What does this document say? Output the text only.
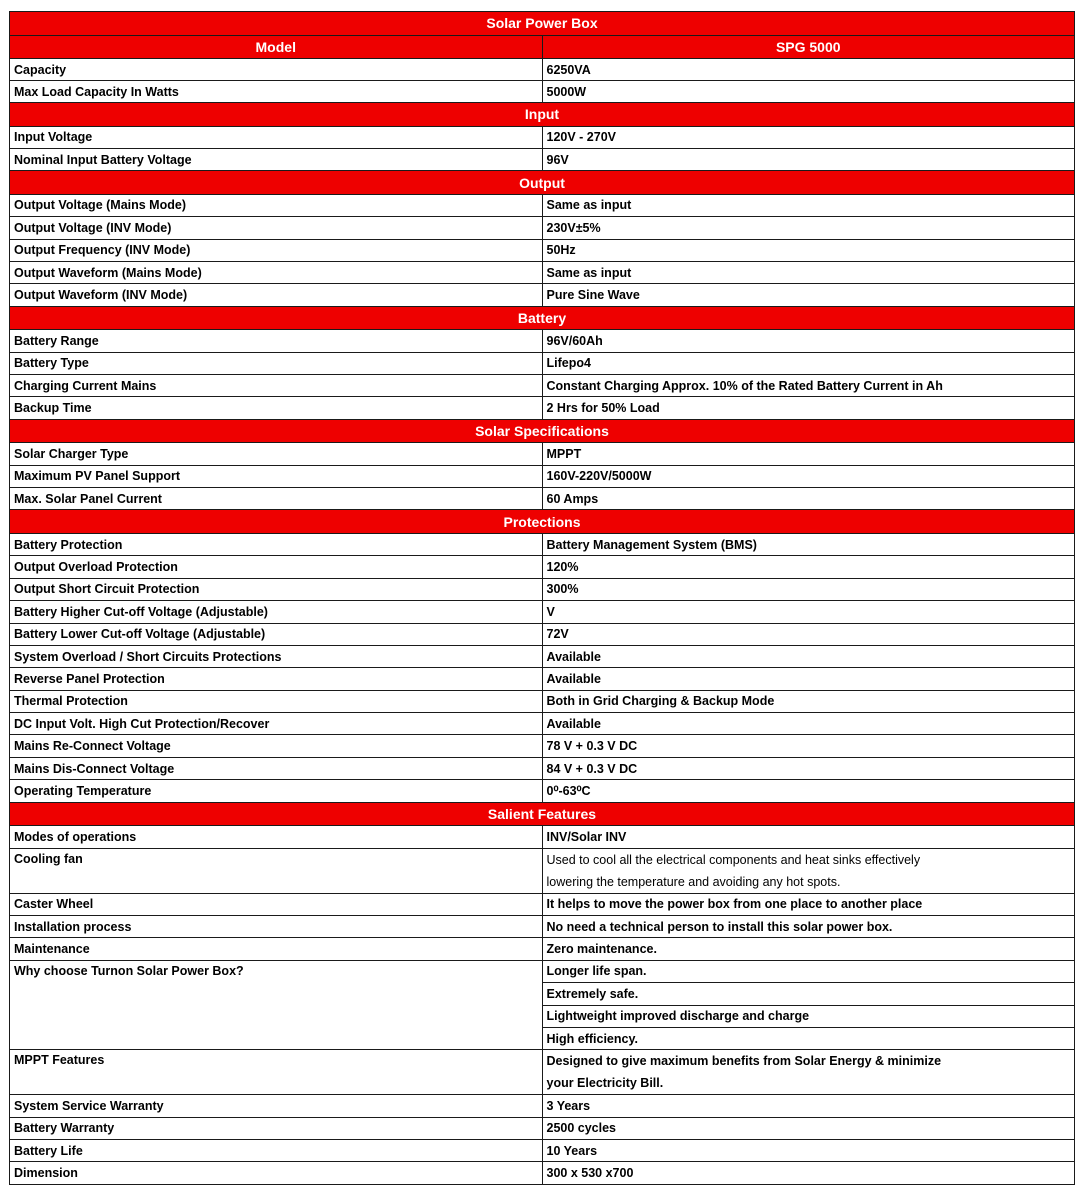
Solar Power Box	
Model	SPG 5000
Capacity	6250VA
Max Load Capacity In Watts	5000W
Input	
Input Voltage	120V - 270V
Nominal Input Battery Voltage	96V
Output	
Output Voltage (Mains Mode)	Same as input
Output Voltage (INV Mode)	230V±5%
Output Frequency (INV Mode)	50Hz
Output Waveform (Mains Mode)	Same as input
Output Waveform (INV Mode)	Pure Sine Wave
Battery	
Battery Range	96V/60Ah
Battery Type	Lifepo4
Charging Current Mains	Constant Charging Approx. 10% of the Rated Battery Current in Ah
Backup Time	2 Hrs for 50% Load
Solar Specifications	
Solar Charger Type	MPPT
Maximum PV Panel Support	160V-220V/5000W
Max. Solar Panel Current	60 Amps
Protections	
Battery Protection	Battery Management System (BMS)
Output Overload Protection	120%
Output Short Circuit Protection	300%
Battery Higher Cut-off Voltage (Adjustable)	V
Battery Lower Cut-off Voltage (Adjustable)	72V
System Overload / Short Circuits Protections	Available
Reverse Panel Protection	Available
Thermal Protection	Both in Grid Charging & Backup Mode
DC Input Volt. High Cut Protection/Recover	Available
Mains Re-Connect Voltage	78 V + 0.3 V DC
Mains Dis-Connect Voltage	84 V + 0.3 V DC
Operating Temperature	0⁰-63⁰C
Salient Features	
Modes of operations	INV/Solar INV
Cooling fan	Used to cool all the electrical components and heat sinks effectively
lowering the temperature and avoiding any hot spots.

Caster Wheel	It helps to move the power box from one place to another place
Installation process	No need a technical person to install this solar power box.
Maintenance	Zero maintenance.
Why choose Turnon Solar Power Box?	Longer life span.
	Extremely safe.
	Lightweight improved discharge and charge
	High efficiency.
MPPT Features	Designed to give maximum benefits from Solar Energy & minimize
your Electricity Bill.

System Service Warranty	3 Years
Battery Warranty	2500 cycles
Battery Life	10 Years
Dimension	300 x 530 x700
